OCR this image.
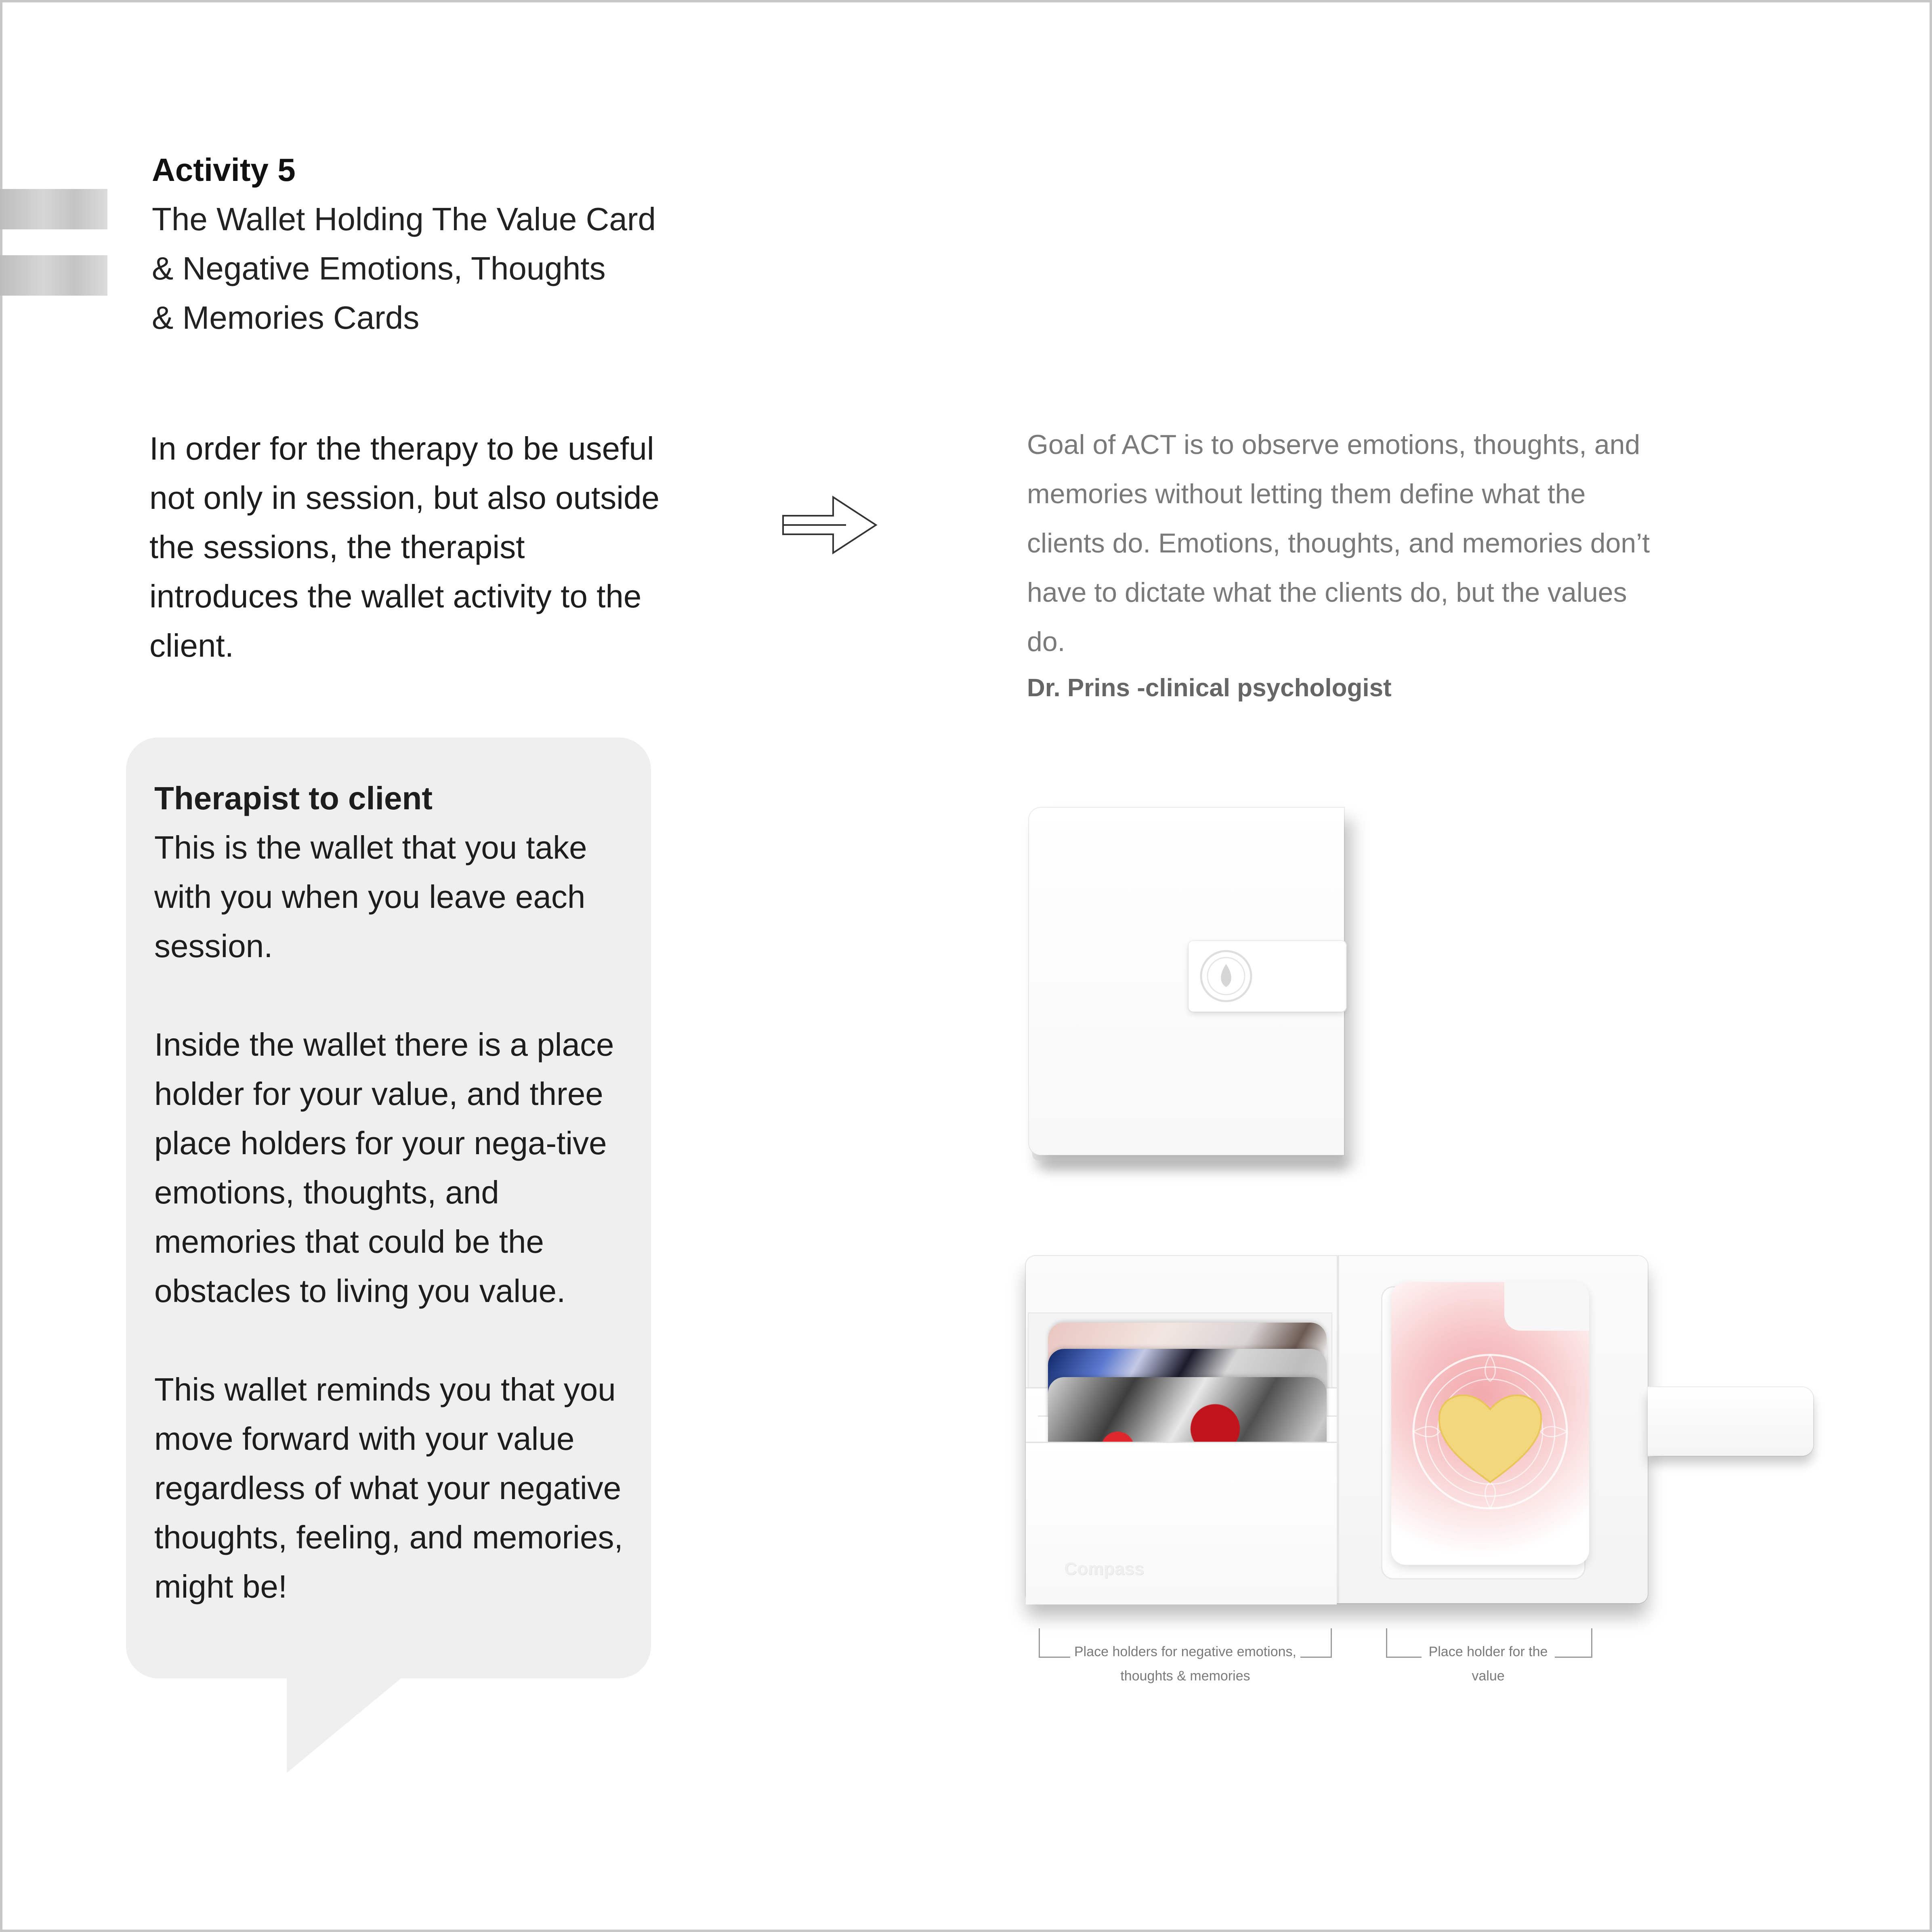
Activity 5
The Wallet Holding The Value Card
& Negative Emotions, Thoughts
& Memories Cards
In order for the therapy to be useful not only in session, but also outside the sessions, the therapist introduces the wallet activity to the client.
Goal of ACT is to observe emotions, thoughts, and memories without letting them define what the clients do. Emotions, thoughts, and memories don’t have to dictate what the clients do, but the values do.
Dr. Prins -clinical psychologist
Therapist to client

This is the wallet that you take with you when you leave each session.

Inside the wallet there is a place holder for your value, and three place holders for your nega-tive emotions, thoughts, and memories that could be the obstacles to living you value.

This wallet reminds you that you move forward with your value regardless of what your negative thoughts, feeling, and memories, might be!	Compass
Place holders for negative emotions, thoughts & memories
Place holder for the value
